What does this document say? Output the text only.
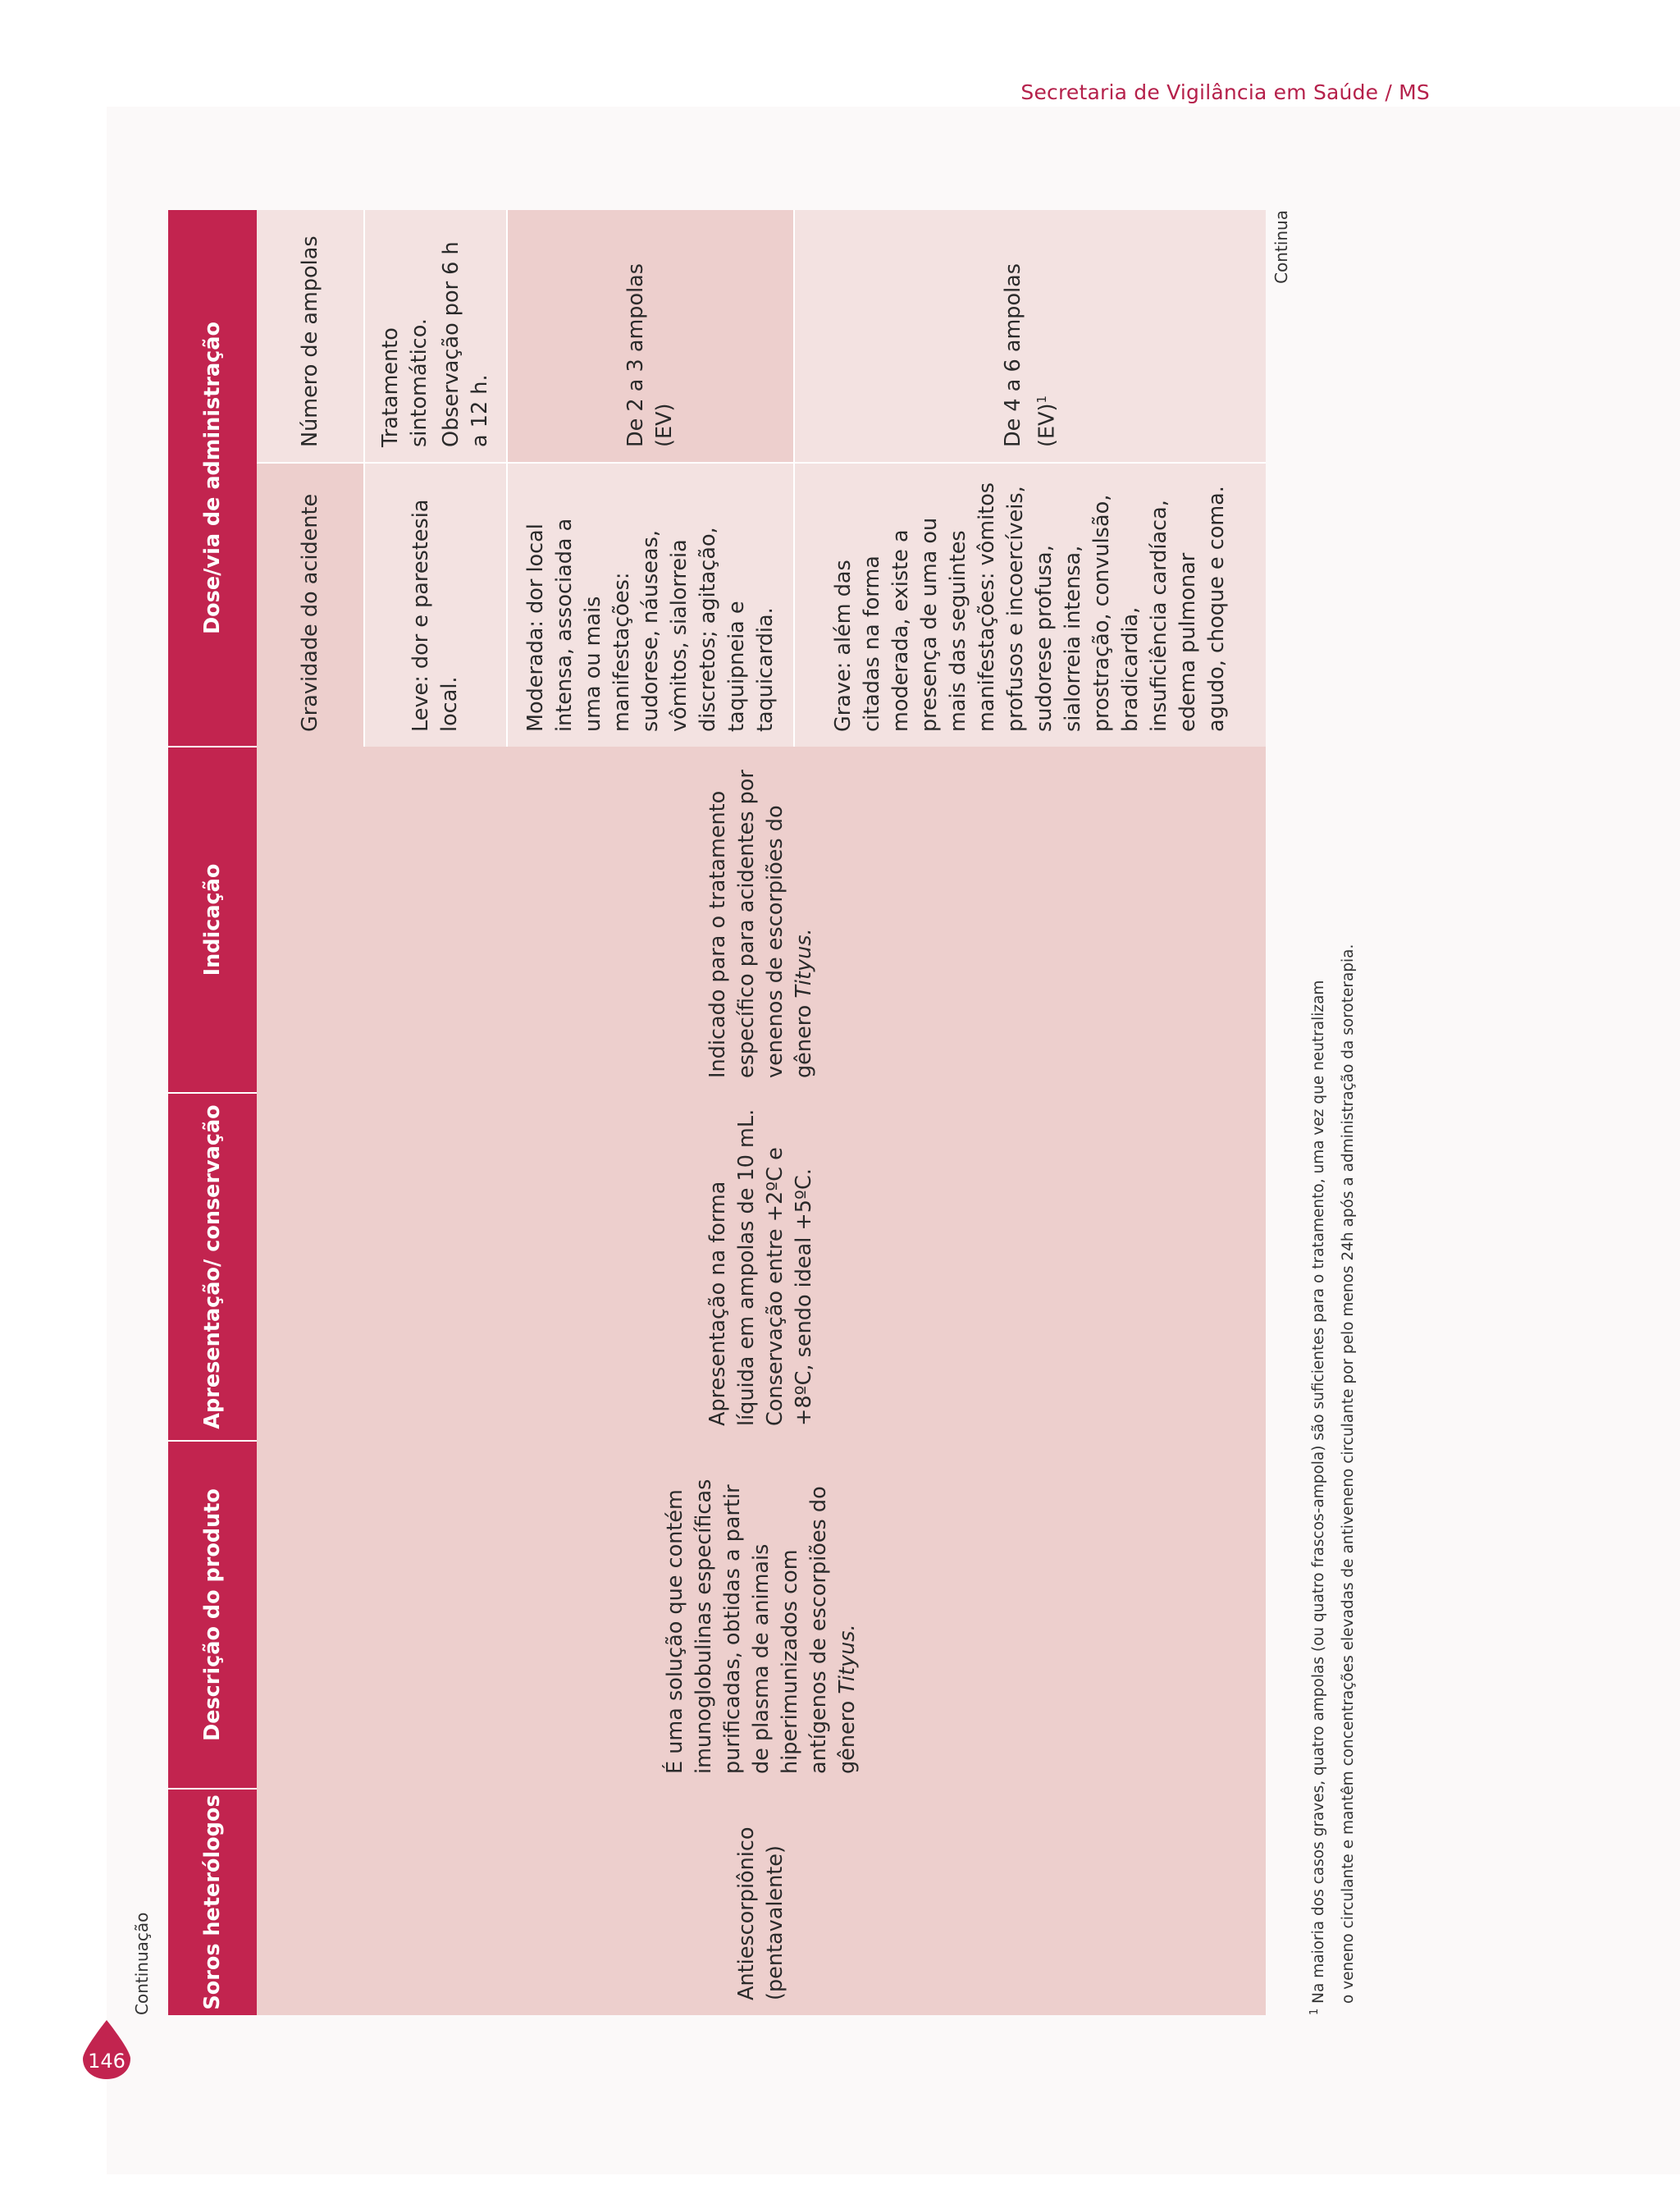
Secretaria de Vigilância em Saúde / MS
146
Continuação Soros heterólogos	Descrição do produto	Apresentação/ conservação	Indicação	Dose/via de administração	

Antiescorpiônico (pentavalente)	É uma solução que contém imunoglobulinas específicas purificadas, obtidas a partir de plasma de animais hiperimunizados com antígenos de escorpiões do gênero Tityus.	Apresentação na forma líquida em ampolas de 10 mL. Conservação entre +2ºC e +8ºC, sendo ideal +5ºC.	Indicado para o tratamento específico para acidentes por venenos de escorpiões do gênero Tityus.	Gravidade do acidente	Número de ampolas

				Leve: dor e parestesia local.	Tratamento sintomático. Observação por 6 h a 12 h.

				Moderada: dor local intensa, associada a uma ou mais manifestações: sudorese, náuseas, vômitos, sialorreia discretos; agitação, taquipneia e taquicardia.	De 2 a 3 ampolas (EV)

				Grave: além das citadas na forma moderada, existe a presença de uma ou mais das seguintes manifestações: vômitos profusos e incoercíveis, sudorese profusa, sialorreia intensa, prostração, convulsão, bradicardia, insuficiência cardíaca, edema pulmonar agudo, choque e coma.	De 4 a 6 ampolas (EV)$^1$

Continua

$^1$ Na maioria dos casos graves, quatro ampolas (ou quatro frascos-ampola) são suficientes para o tratamento, uma vez que neutralizam o veneno circulante e mantêm concentrações elevadas de antiveneno circulante por pelo menos 24h após a administração da soroterapia.
